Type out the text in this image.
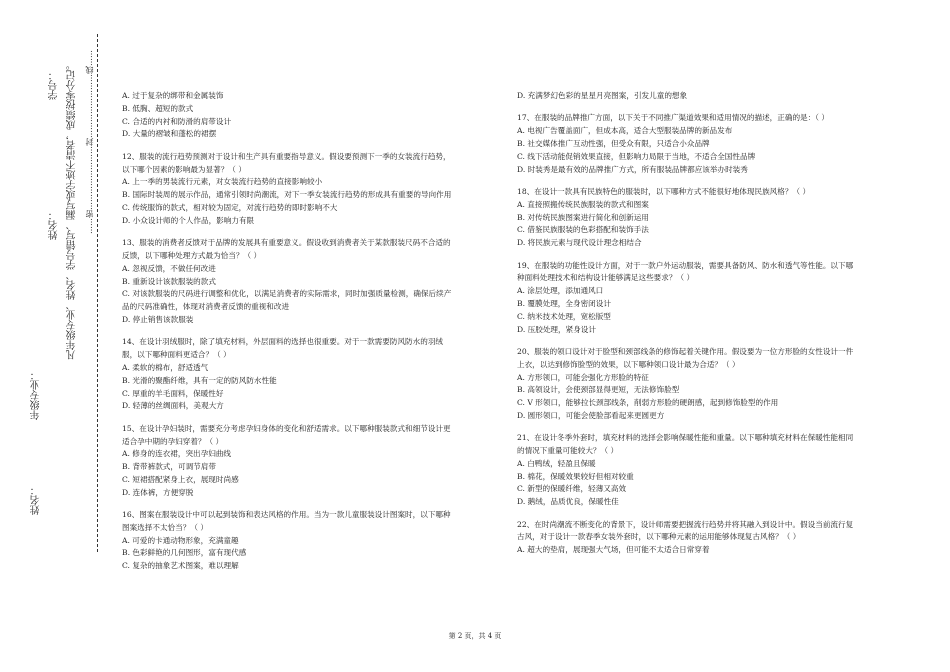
年级专业：
姓名：
学号：
姓名： 凡年级专业、姓名、学号错写、漏写或字迹不清者，成绩按零分记。 ……密……………………封……………………线……	A. 过于复杂的绑带和金属装饰
B. 低胸、超短的款式
C. 合适的内衬和防滑的肩带设计
D. 大量的褶皱和蓬松的裙摆
12、服装的流行趋势预测对于设计和生产具有重要指导意义。假设要预测下一季的女装流行趋势，以下哪个因素的影响最为显著？（ ）
A. 上一季的男装流行元素，对女装流行趋势的直接影响较小
B. 国际时装周的展示作品，通常引领时尚潮流，对下一季女装流行趋势的形成具有重要的导向作用
C. 传统服饰的款式，相对较为固定，对流行趋势的即时影响不大
D. 小众设计师的个人作品，影响力有限
13、服装的消费者反馈对于品牌的发展具有重要意义。假设收到消费者关于某款服装尺码不合适的反馈，以下哪种处理方式最为恰当？（ ）
A. 忽视反馈，不做任何改进
B. 重新设计该款服装的款式
C. 对该款服装的尺码进行调整和优化，以满足消费者的实际需求，同时加强质量检测，确保后续产品的尺码准确性，体现对消费者反馈的重视和改进
D. 停止销售该款服装
14、在设计羽绒服时，除了填充材料，外层面料的选择也很重要。对于一款需要防风防水的羽绒服，以下哪种面料更适合？（ ）
A. 柔软的棉布，舒适透气
B. 光滑的聚酯纤维，具有一定的防风防水性能
C. 厚重的羊毛面料，保暖性好
D. 轻薄的丝绸面料，美观大方
15、在设计孕妇装时，需要充分考虑孕妇身体的变化和舒适需求。以下哪种服装款式和细节设计更适合孕中期的孕妇穿着？（ ）
A. 修身的连衣裙，突出孕妇曲线
B. 背带裤款式，可调节肩带
C. 短裙搭配紧身上衣，展现时尚感
D. 连体裤，方便穿脱
16、图案在服装设计中可以起到装饰和表达风格的作用。当为一款儿童服装设计图案时，以下哪种图案选择不太恰当？（ ）
A. 可爱的卡通动物形象，充满童趣
B. 色彩鲜艳的几何图形，富有现代感
C. 复杂的抽象艺术图案，难以理解
D. 充满梦幻色彩的星星月亮图案，引发儿童的想象
17、在服装的品牌推广方面，以下关于不同推广渠道效果和适用情况的描述，正确的是：（ ）
A. 电视广告覆盖面广，但成本高，适合大型服装品牌的新品发布
B. 社交媒体推广互动性强，但受众有限，只适合小众品牌
C. 线下活动能促销效果直接，但影响力局限于当地，不适合全国性品牌
D. 时装秀是最有效的品牌推广方式，所有服装品牌都应该举办时装秀
18、在设计一款具有民族特色的服装时，以下哪种方式不能很好地体现民族风格？（ ）
A. 直接照搬传统民族服装的款式和图案
B. 对传统民族图案进行简化和创新运用
C. 借鉴民族服装的色彩搭配和装饰手法
D. 将民族元素与现代设计理念相结合
19、在服装的功能性设计方面，对于一款户外运动服装，需要具备防风、防水和透气等性能。以下哪种面料处理技术和结构设计能够满足这些要求？（ ）
A. 涂层处理，添加通风口
B. 覆膜处理，全身密闭设计
C. 纳米技术处理，宽松版型
D. 压胶处理，紧身设计
20、服装的领口设计对于脸型和颈部线条的修饰起着关键作用。假设要为一位方形脸的女性设计一件上衣，以达到修饰脸型的效果，以下哪种领口设计最为合适？（ ）
A. 方形领口，可能会强化方形脸的特征
B. 高领设计，会使颈部显得更短，无法修饰脸型
C. V 形领口，能够拉长颈部线条，削弱方形脸的硬朗感，起到修饰脸型的作用
D. 圆形领口，可能会使脸部看起来更圆更方
21、在设计冬季外套时，填充材料的选择会影响保暖性能和重量。以下哪种填充材料在保暖性能相同的情况下重量可能较大？（ ）
A. 白鸭绒，轻盈且保暖
B. 棉花，保暖效果较好但相对较重
C. 新型的保暖纤维，轻薄又高效
D. 鹅绒，品质优良，保暖性佳
22、在时尚潮流不断变化的背景下，设计师需要把握流行趋势并将其融入到设计中。假设当前流行复古风，对于设计一款春季女装外套时，以下哪种元素的运用能够体现复古风格？（ ）
A. 超大的垫肩，展现强大气场，但可能不太适合日常穿着
第 2 页，共 4 页
